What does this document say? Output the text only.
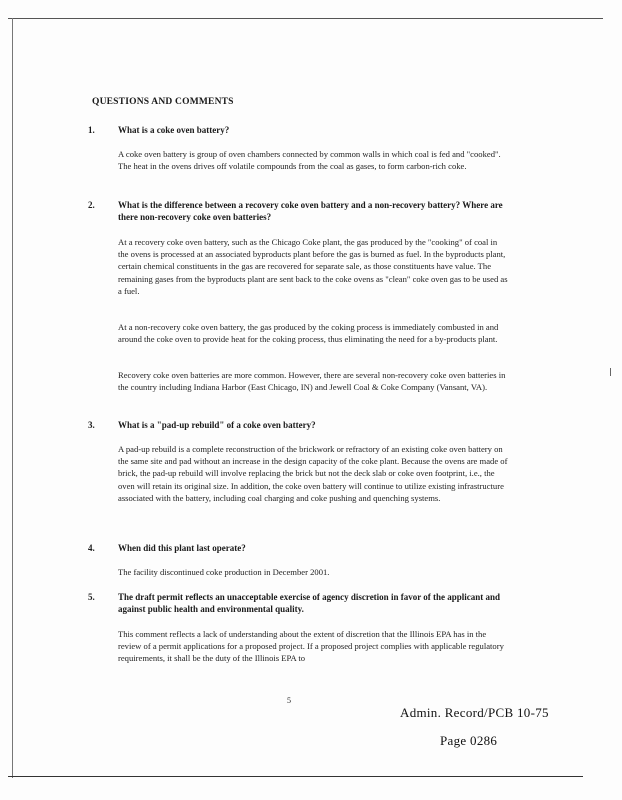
QUESTIONS AND COMMENTS
1.	What is a coke oven battery?

A coke oven battery is group of oven chambers connected by common walls in which coal is fed and "cooked". The heat in the ovens drives off volatile compounds from the coal as gases, to form carbon-rich coke.

2.	What is the difference between a recovery coke oven battery and a non-recovery battery? Where are there non-recovery coke oven batteries?

At a recovery coke oven battery, such as the Chicago Coke plant, the gas produced by the "cooking" of coal in the ovens is processed at an associated byproducts plant before the gas is burned as fuel. In the byproducts plant, certain chemical constituents in the gas are recovered for separate sale, as those constituents have value. The remaining gases from the byproducts plant are sent back to the coke ovens as "clean" coke oven gas to be used as a fuel.

At a non-recovery coke oven battery, the gas produced by the coking process is immediately combusted in and around the coke oven to provide heat for the coking process, thus eliminating the need for a by-products plant.

Recovery coke oven batteries are more common. However, there are several non-recovery coke oven batteries in the country including Indiana Harbor (East Chicago, IN) and Jewell Coal & Coke Company (Vansant, VA).

3.	What is a "pad-up rebuild" of a coke oven battery?

A pad-up rebuild is a complete reconstruction of the brickwork or refractory of an existing coke oven battery on the same site and pad without an increase in the design capacity of the coke plant. Because the ovens are made of brick, the pad-up rebuild will involve replacing the brick but not the deck slab or coke oven footprint, i.e., the oven will retain its original size. In addition, the coke oven battery will continue to utilize existing infrastructure associated with the battery, including coal charging and coke pushing and quenching systems.

4.	When did this plant last operate?

The facility discontinued coke production in December 2001.

5.	The draft permit reflects an unacceptable exercise of agency discretion in favor of the applicant and against public health and environmental quality.

This comment reflects a lack of understanding about the extent of discretion that the Illinois EPA has in the review of a permit applications for a proposed project. If a proposed project complies with applicable regulatory requirements, it shall be the duty of the Illinois EPA to

5
Admin. Record/PCB 10-75
Page 0286
